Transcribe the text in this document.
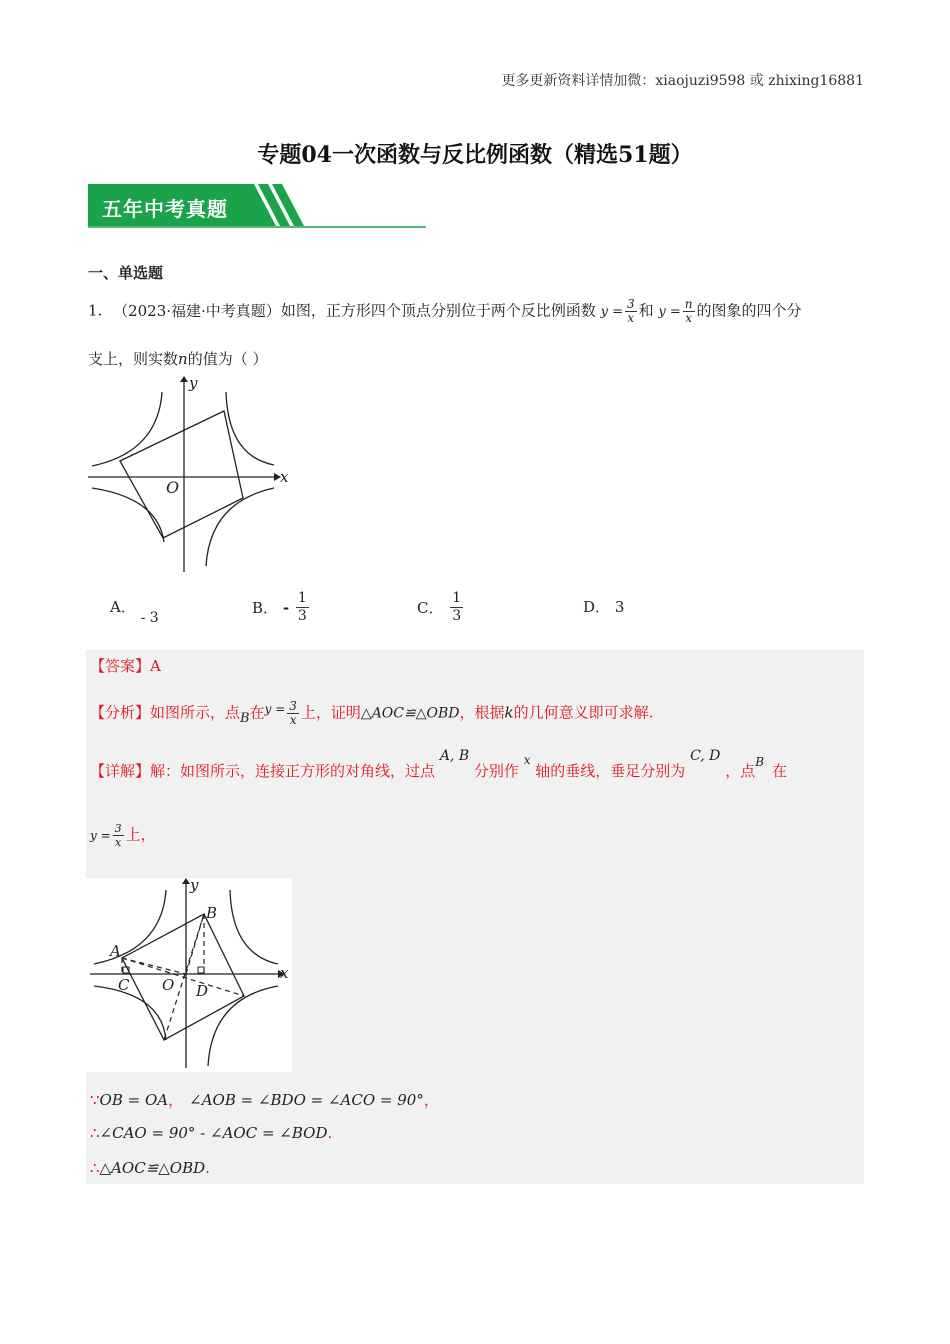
更多更新资料详情加微：xiaojuzi9598 或 zhixing16881
专题04一次函数与反比例函数（精选51题）
五年中考真题
一、单选题
1. （2023·福建·中考真题）如图，正方形四个顶点分别位于两个反比例函数 $y = \frac{3}{x}$ 和 $y = \frac{n}{x}$ 的图象的四个分
支上，则实数n的值为（ ）
x
y
O
A． - 3
B． - $\frac{1}{3}$	C． $\frac{1}{3}$	D． 3
【答案】A
【分析】如图所示，点B在$^{y =} \frac{3}{x}$ 上，证明△AOC≌△OBD，根据k的几何意义即可求解.
【详解】解：如图所示，连接正方形的对角线，过点 A, B 分别作 $^x$ 轴的垂线，垂足分别为 C, D ，点$^B$ 在
$y = \frac{3}{x}$ 上，
x
y
A
B
C	D
O
∵OB = OA， ∠AOB = ∠BDO = ∠ACO = 90°，
∴∠CAO = 90° - ∠AOC = ∠BOD.
∴△AOC≌△OBD.
